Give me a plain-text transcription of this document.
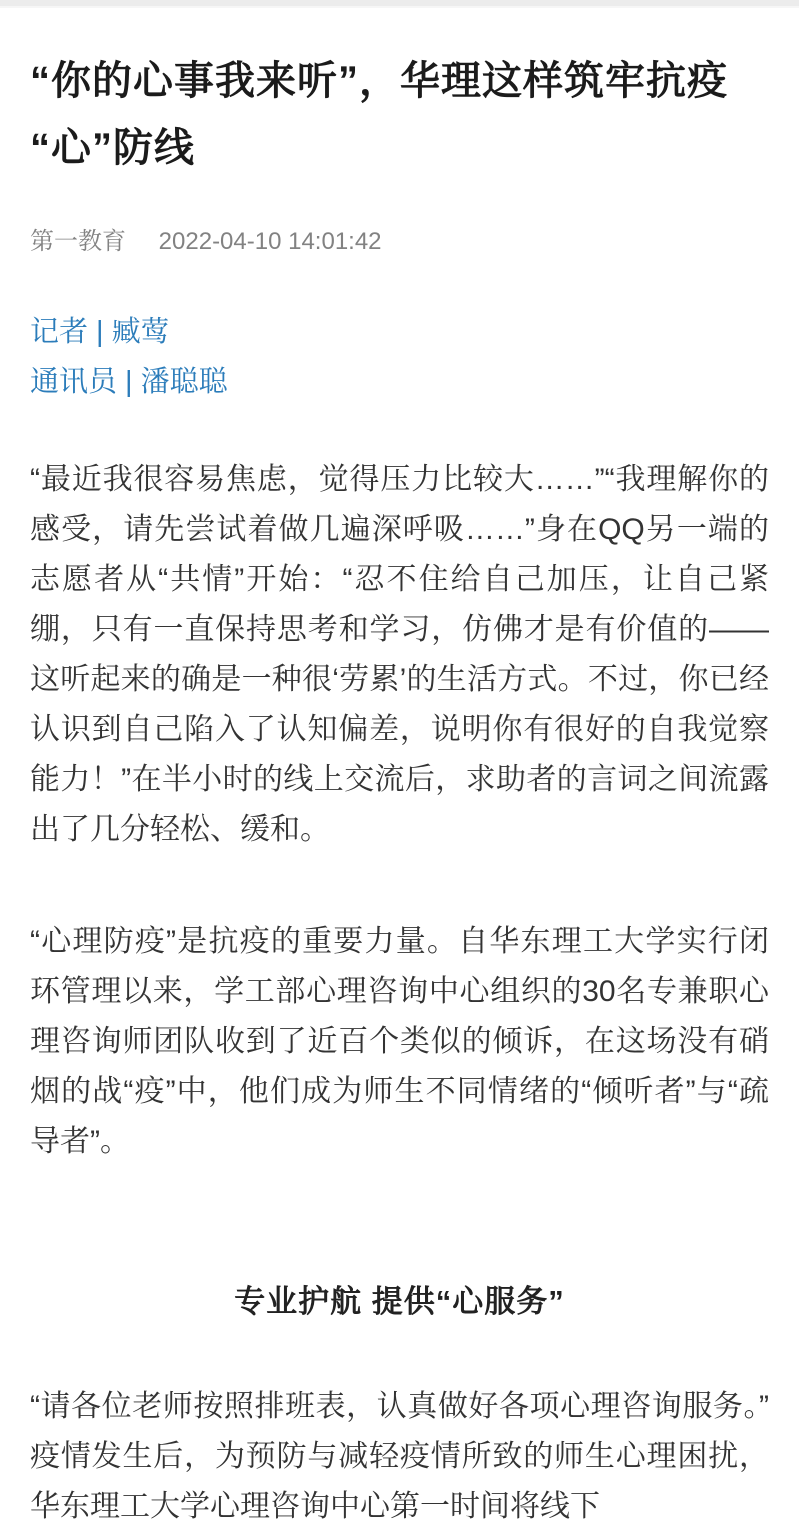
“你的心事我来听”，华理这样筑牢抗疫“心”防线
第一教育 2022-04-10 14:01:42
记者 | 臧莺
通讯员 | 潘聪聪

“最近我很容易焦虑，觉得压力比较大……”“我理解你的感受，请先尝试着做几遍深呼吸……”身在QQ另一端的志愿者从“共情”开始：“忍不住给自己加压，让自己紧绷，只有一直保持思考和学习，仿佛才是有价值的——这听起来的确是一种很‘劳累’的生活方式。不过，你已经认识到自己陷入了认知偏差，说明你有很好的自我觉察能力！”在半小时的线上交流后，求助者的言词之间流露出了几分轻松、缓和。

“心理防疫”是抗疫的重要力量。自华东理工大学实行闭环管理以来，学工部心理咨询中心组织的30名专兼职心理咨询师团队收到了近百个类似的倾诉，在这场没有硝烟的战“疫”中，他们成为师生不同情绪的“倾听者”与“疏导者”。

专业护航 提供“心服务”

“请各位老师按照排班表，认真做好各项心理咨询服务。”疫情发生后，为预防与减轻疫情所致的师生心理困扰，华东理工大学心理咨询中心第一时间将线下
